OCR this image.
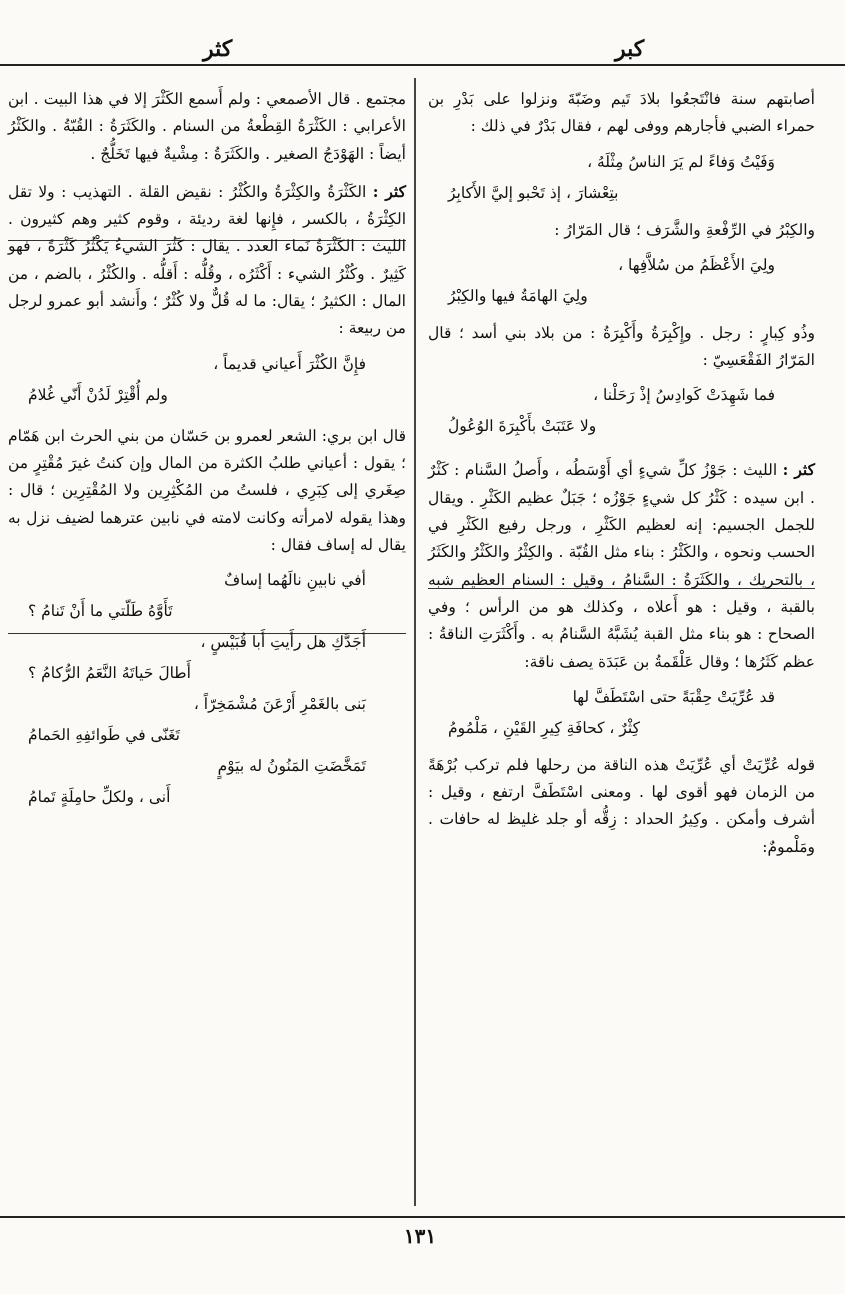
كثر	كبر

أصابتهم سنة فانْتَجعُوا بلادَ تَيم وضَبّةَ ونزلوا على بَدْرِ بن حمراء الضبي فأجارهم ووفى لهم ، فقال بَدْرٌ في ذلك :

وَفَيْتُ وَفاءً لم يَرَ الناسُ مِثْلَهُ ،
بتِعْشارَ ، إذ تَحْبو إليَّ الأَكابِرُ

والكِبْرُ في الرِّفْعةِ والشَّرَف ؛ قال المَرّارُ :

ولِيَ الأَعْظَمُ من سُلاَّفِها ،
ولِيَ الهامَةُ فيها والكِبْرُ

وذُو كِبارٍ : رجل . وإِكْبِرَةُ وأَكْبِرَةُ : من بلاد بني أسد ؛ قال المَرّارُ الفَقْعَسِيّ :

فما شَهِدَتْ كَوادِسُ إذْ رَحَلْنا ،
ولا عَتَبَتْ بأَكْبِرَةَ الوُعُولُ

كثر : الليث : جَوْزُ كلِّ شيءٍ أي أَوْسَطُه ، وأَصلُ السَّنام : كَثْرٌ . ابن سيده : كَثْرُ كل شيءٍ جَوْزُه ؛ جَبَلٌ عظيم الكَثْرِ . ويقال للجمل الجسيم: إنه لعظيم الكَثْرِ ، ورجل رفيع الكَثْرِ في الحسب ونحوه ، والكَثْرُ : بناء مثل القُبّة . والكِثْرُ والكَثْرُ والكَثَرُ ، بالتحريك ، والكَثَرَةُ : السَّنامُ ، وقيل : السنام العظيم شبه بالقبة ، وقيل : هو أَعلاه ، وكذلك هو من الرأس ؛ وفي الصحاح : هو بناء مثل القبة يُشَبَّهُ السَّنامُ به . وأَكْثَرَتِ الناقةُ : عظم كَثَرُها ؛ وقال عَلْقَمةُ بن عَبَدَة يصف ناقة:

قد عُرِّيَتْ حِقْبَةً حتى اسْتَطَفَّ لها
كِثْرٌ ، كحافَةِ كِيرِ القَيْنِ ، مَلْمُومُ

قوله عُرِّيَتْ أي عُرِّيَتْ هذه الناقة من رحلها فلم تركب بُرْهَةً من الزمان فهو أقوى لها . ومعنى اسْتَطَفَّ ارتفع ، وقيل : أشرف وأمكن . وكِيرُ الحداد : زِقُّه أو جلد غليظ له حافات . ومَلْمومٌ:

مجتمع . قال الأصمعي : ولم أَسمع الكَثْرَ إلا في هذا البيت . ابن الأعرابي : الكَثْرَةُ القِطْعةُ من السنام . والكَثَرَةُ : القُبّةُ . والكَثْرُ أيضاً : الهَوْدَجُ الصغير . والكَثَرَةُ : مِشْيةٌ فيها تَخَلُّجٌ .

كثر : الكَثْرَةُ والكِثْرَةُ والكُثْرُ : نقيض القلة . التهذيب : ولا تقل الكِثْرَةُ ، بالكسر ، فإِنها لغة رديئة ، وقوم كثير وهم كثيرون . الليث : الكَثْرَةُ نَماء العدد . يقال : كَثُرَ الشيءُ يَكْثُرُ كَثْرَةً ، فهو كَثِيرٌ . وكُثْرُ الشيء : أَكْثَرُه ، وقُلُّه : أَقلُّه . والكُثْرُ ، بالضم ، من المال : الكثيرُ ؛ يقال: ما له قُلٌّ ولا كُثْرٌ ؛ وأَنشد أبو عمرو لرجل من ربيعة :

فإِنَّ الكُثْرَ أَعياني قديماً ،
ولم أُقْتِرْ لَدُنْ أَنّي غُلامُ

قال ابن بري: الشعر لعمرو بن حَسّان من بني الحرث ابن هَمّام ؛ يقول : أعياني طلبُ الكثرة من المال وإن كنتُ غيرَ مُقْتِرٍ من صِغَري إلى كِبَرِي ، فلستُ من المُكْثِرِين ولا المُقْتِرِين ؛ قال : وهذا يقوله لامرأته وكانت لامته في نابين عترهما لضيف نزل به يقال له إساف فقال :

أفي نابينِ نالَهُما إسافٌ
تَأَوَّهُ طَلّتي ما أَنْ تَنامُ ؟
أَجَدَّكِ هل رأَيتِ أَبا قُبَيْسٍ ،
أَطالَ حَياتَهُ النَّعَمُ الرُّكامُ ؟
بَنى بالغَمْرِ أَرْعَنَ مُشْمَخِرّاً ،
تَغَنّى في طَوائفِهِ الحَمامُ
تَمَخَّضَتِ المَنُونُ له بيَوْمٍ
أَنى ، ولكلِّ حامِلَةٍ تَمامُ
١٣١
